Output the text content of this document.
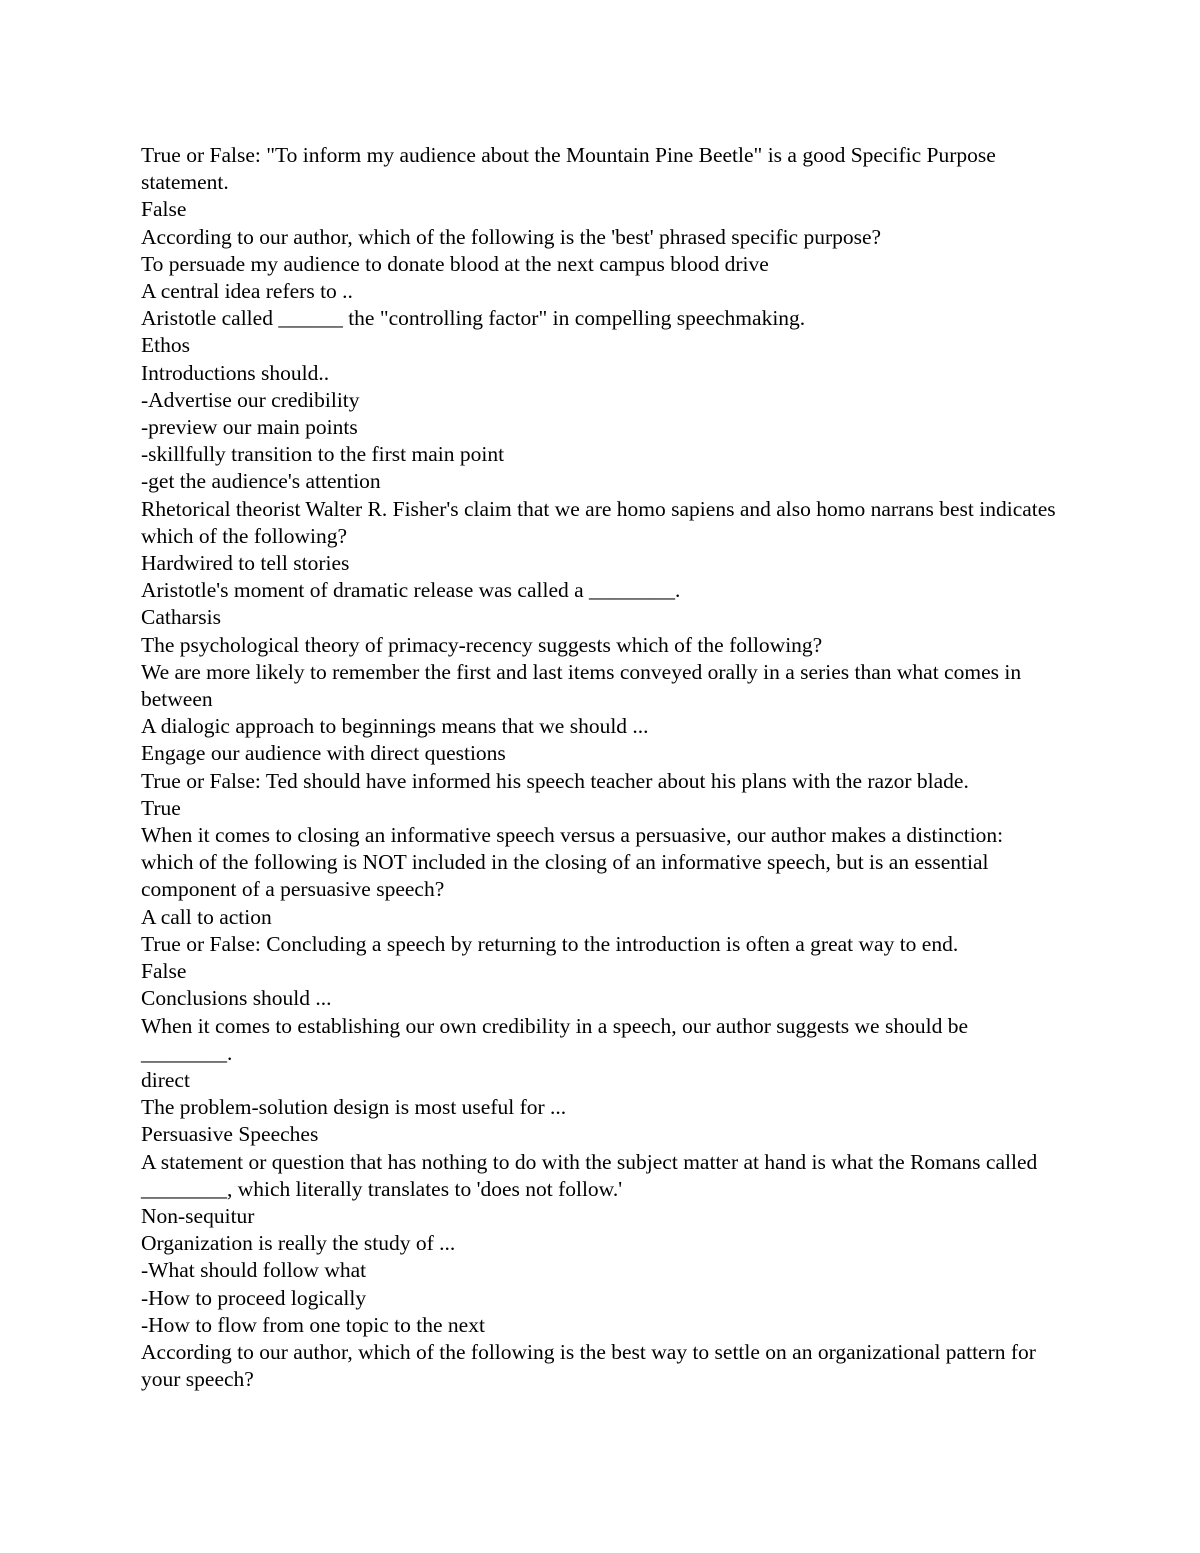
True or False: "To inform my audience about the Mountain Pine Beetle" is a good Specific Purpose statement.

False

According to our author, which of the following is the 'best' phrased specific purpose?

To persuade my audience to donate blood at the next campus blood drive

A central idea refers to ..

Aristotle called ______ the "controlling factor" in compelling speechmaking.

Ethos

Introductions should..

-Advertise our credibility

-preview our main points

-skillfully transition to the first main point

-get the audience's attention

Rhetorical theorist Walter R. Fisher's claim that we are homo sapiens and also homo narrans best indicates which of the following?

Hardwired to tell stories

Aristotle's moment of dramatic release was called a ________.

Catharsis

The psychological theory of primacy-recency suggests which of the following?

We are more likely to remember the first and last items conveyed orally in a series than what comes in between

A dialogic approach to beginnings means that we should ...

Engage our audience with direct questions

True or False: Ted should have informed his speech teacher about his plans with the razor blade.

True

When it comes to closing an informative speech versus a persuasive, our author makes a distinction: which of the following is NOT included in the closing of an informative speech, but is an essential component of a persuasive speech?

A call to action

True or False: Concluding a speech by returning to the introduction is often a great way to end.

False

Conclusions should ...

When it comes to establishing our own credibility in a speech, our author suggests we should be ________.

direct

The problem-solution design is most useful for ...

Persuasive Speeches

A statement or question that has nothing to do with the subject matter at hand is what the Romans called ________, which literally translates to 'does not follow.'

Non-sequitur

Organization is really the study of ...

-What should follow what

-How to proceed logically

-How to flow from one topic to the next

According to our author, which of the following is the best way to settle on an organizational pattern for your speech?
